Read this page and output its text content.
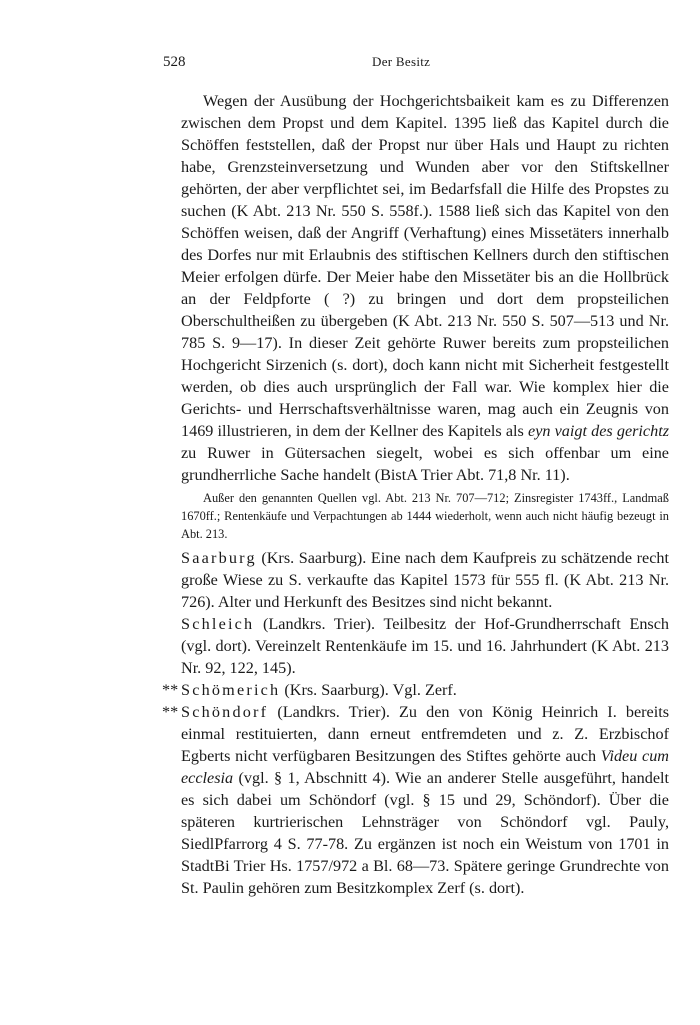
528	Der Besitz

Wegen der Ausübung der Hochgerichtsbaikeit kam es zu Differenzen zwischen dem Propst und dem Kapitel. 1395 ließ das Kapitel durch die Schöffen feststellen, daß der Propst nur über Hals und Haupt zu richten habe, Grenzsteinversetzung und Wunden aber vor den Stiftskellner gehörten, der aber verpflichtet sei, im Bedarfsfall die Hilfe des Propstes zu suchen (K Abt. 213 Nr. 550 S. 558f.). 1588 ließ sich das Kapitel von den Schöffen weisen, daß der Angriff (Verhaftung) eines Missetäters innerhalb des Dorfes nur mit Erlaubnis des stiftischen Kellners durch den stiftischen Meier erfolgen dürfe. Der Meier habe den Missetäter bis an die Hollbrück an der Feldpforte ( ?) zu bringen und dort dem propsteilichen Oberschultheißen zu übergeben (K Abt. 213 Nr. 550 S. 507—513 und Nr. 785 S. 9—17). In dieser Zeit gehörte Ruwer bereits zum propsteilichen Hochgericht Sirzenich (s. dort), doch kann nicht mit Sicherheit festgestellt werden, ob dies auch ursprünglich der Fall war. Wie komplex hier die Gerichts- und Herrschaftsverhältnisse waren, mag auch ein Zeugnis von 1469 illustrieren, in dem der Kellner des Kapitels als eyn vaigt des gerichtz zu Ruwer in Gütersachen siegelt, wobei es sich offenbar um eine grundherrliche Sache handelt (BistA Trier Abt. 71,8 Nr. 11).

Außer den genannten Quellen vgl. Abt. 213 Nr. 707—712; Zinsregister 1743ff., Landmaß 1670ff.; Rentenkäufe und Verpachtungen ab 1444 wiederholt, wenn auch nicht häufig bezeugt in Abt. 213.

Saarburg (Krs. Saarburg). Eine nach dem Kaufpreis zu schätzende recht große Wiese zu S. verkaufte das Kapitel 1573 für 555 fl. (K Abt. 213 Nr. 726). Alter und Herkunft des Besitzes sind nicht bekannt.

Schleich (Landkrs. Trier). Teilbesitz der Hof-Grundherrschaft Ensch (vgl. dort). Vereinzelt Rentenkäufe im 15. und 16. Jahrhundert (K Abt. 213 Nr. 92, 122, 145).

** Schömerich (Krs. Saarburg). Vgl. Zerf.

** Schöndorf (Landkrs. Trier). Zu den von König Heinrich I. bereits einmal restituierten, dann erneut entfremdeten und z. Z. Erzbischof Egberts nicht verfügbaren Besitzungen des Stiftes gehörte auch Videu cum ecclesia (vgl. § 1, Abschnitt 4). Wie an anderer Stelle ausgeführt, handelt es sich dabei um Schöndorf (vgl. § 15 und 29, Schöndorf). Über die späteren kurtrierischen Lehnsträger von Schöndorf vgl. Pauly, SiedlPfarrorg 4 S. 77-78. Zu ergänzen ist noch ein Weistum von 1701 in StadtBi Trier Hs. 1757/972 a Bl. 68—73. Spätere geringe Grundrechte von St. Paulin gehören zum Besitzkomplex Zerf (s. dort).
